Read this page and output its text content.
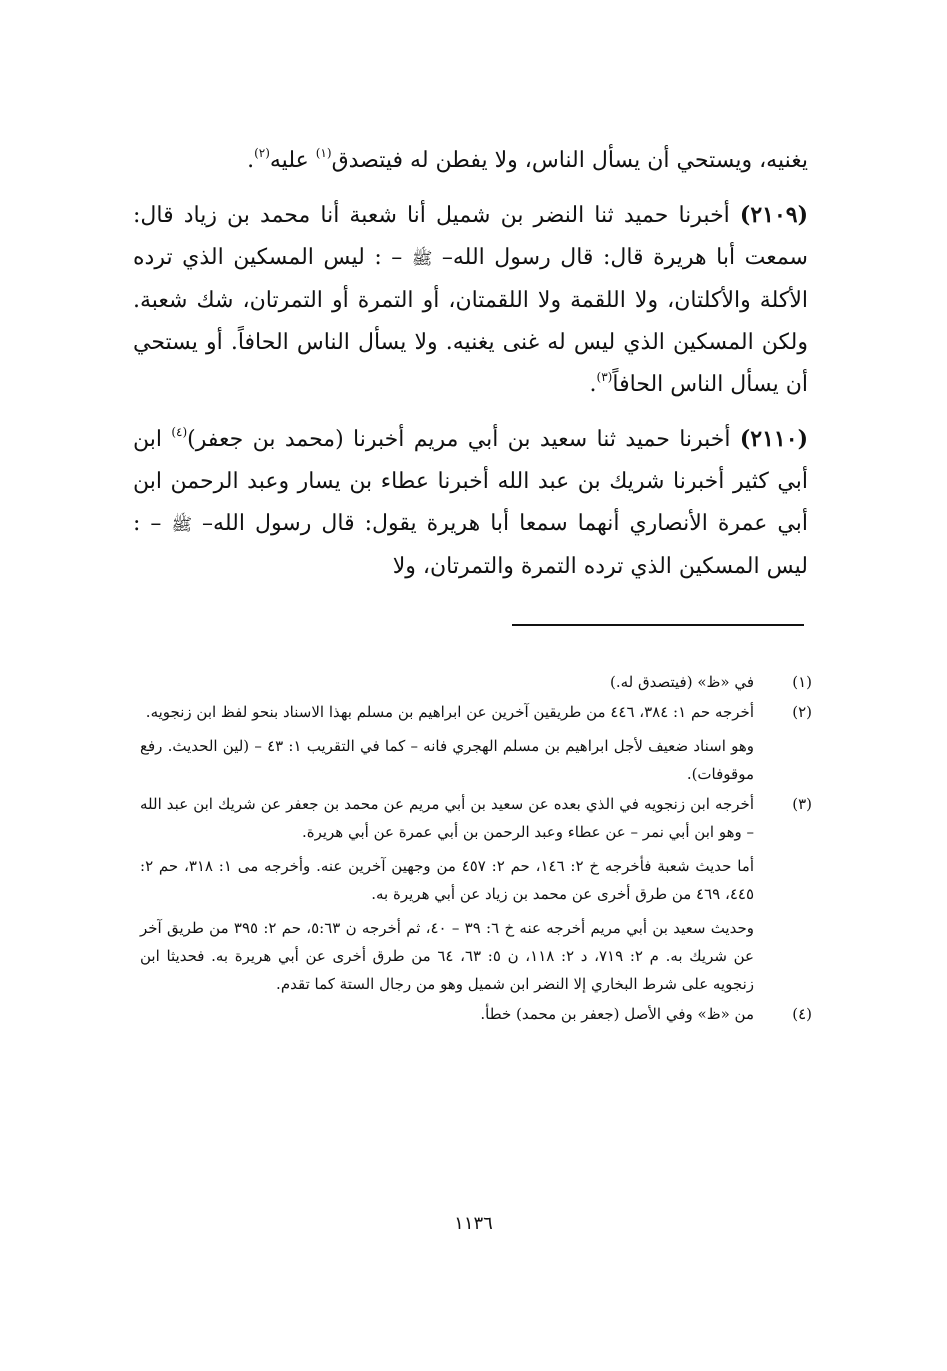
يغنيه، ويستحي أن يسأل الناس، ولا يفطن له فيتصدق$^{(١)}$ عليه$^{(٢)}$.

(٢١٠٩) أخبرنا حميد ثنا النضر بن شميل أنا شعبة أنا محمد بن زياد قال: سمعت أبا هريرة قال: قال رسول الله– ﷺ – : ليس المسكين الذي ترده الأكلة والأكلتان، ولا اللقمة ولا اللقمتان، أو التمرة أو التمرتان، شك شعبة. ولكن المسكين الذي ليس له غنى يغنيه. ولا يسأل الناس الحافاً. أو يستحي أن يسأل الناس الحافاً$^{(٣)}$.

(٢١١٠) أخبرنا حميد ثنا سعيد بن أبي مريم أخبرنا (محمد بن جعفر)$^{(٤)}$ ابن أبي كثير أخبرنا شريك بن عبد الله أخبرنا عطاء بن يسار وعبد الرحمن ابن أبي عمرة الأنصاري أنهما سمعا أبا هريرة يقول: قال رسول الله– ﷺ – : ليس المسكين الذي ترده التمرة والتمرتان، ولا

(١)

في «ظ» (فيتصدق له.)

(٢)

أخرجه حم ١: ٣٨٤، ٤٤٦ من طريقين آخرين عن ابراهيم بن مسلم بهذا الاسناد بنحو لفظ ابن زنجويه.

وهو اسناد ضعيف لأجل ابراهيم بن مسلم الهجري فانه – كما في التقريب ١: ٤٣ – (لين الحديث. رفع موقوفات).

(٣)

أخرجه ابن زنجويه في الذي بعده عن سعيد بن أبي مريم عن محمد بن جعفر عن شريك ابن عبد الله – وهو ابن أبي نمر – عن عطاء وعبد الرحمن بن أبي عمرة عن أبي هريرة.

أما حديث شعبة فأخرجه خ ٢: ١٤٦، حم ٢: ٤٥٧ من وجهين آخرين عنه. وأخرجه مى ١: ٣١٨، حم ٢: ٤٤٥، ٤٦٩ من طرق أخرى عن محمد بن زياد عن أبي هريرة به.

وحديث سعيد بن أبي مريم أخرجه عنه خ ٦: ٣٩ – ٤٠، ثم أخرجه ن ٥:٦٣، حم ٢: ٣٩٥ من طريق آخر عن شريك به. م ٢: ٧١٩، د ٢: ١١٨، ن ٥: ٦٣، ٦٤ من طرق أخرى عن أبي هريرة به. فحديثا ابن زنجويه على شرط البخاري إلا النضر ابن شميل وهو من رجال الستة كما تقدم.

(٤)

من «ظ» وفي الأصل (جعفر بن محمد) خطأ.

١١٣٦
